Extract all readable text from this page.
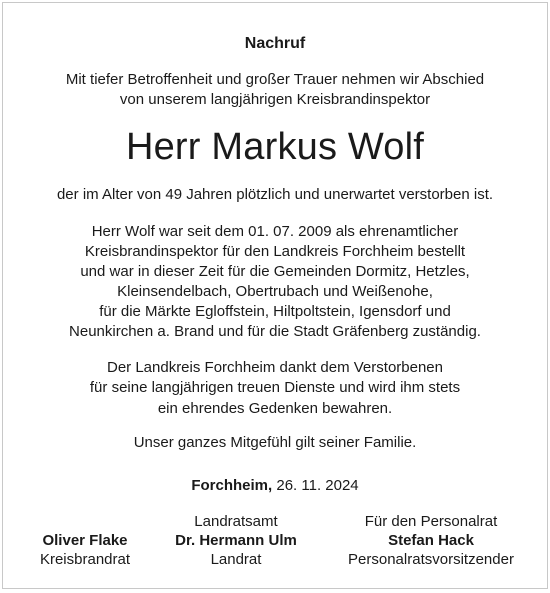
Nachruf
Mit tiefer Betroffenheit und großer Trauer nehmen wir Abschied
von unserem langjährigen Kreisbrandinspektor
Herr Markus Wolf
der im Alter von 49 Jahren plötzlich und unerwartet verstorben ist.
Herr Wolf war seit dem 01. 07. 2009 als ehrenamtlicher
Kreisbrandinspektor für den Landkreis Forchheim bestellt
und war in dieser Zeit für die Gemeinden Dormitz, Hetzles,
Kleinsendelbach, Obertrubach und Weißenohe,
für die Märkte Egloffstein, Hiltpoltstein, Igensdorf und
Neunkirchen a. Brand und für die Stadt Gräfenberg zuständig.
Der Landkreis Forchheim dankt dem Verstorbenen
für seine langjährigen treuen Dienste und wird ihm stets
ein ehrendes Gedenken bewahren.
Unser ganzes Mitgefühl gilt seiner Familie.
Forchheim, 26. 11. 2024

Oliver Flake
Kreisbrandrat
Landratsamt
Dr. Hermann Ulm
Landrat
Für den Personalrat
Stefan Hack
Personalratsvorsitzender
